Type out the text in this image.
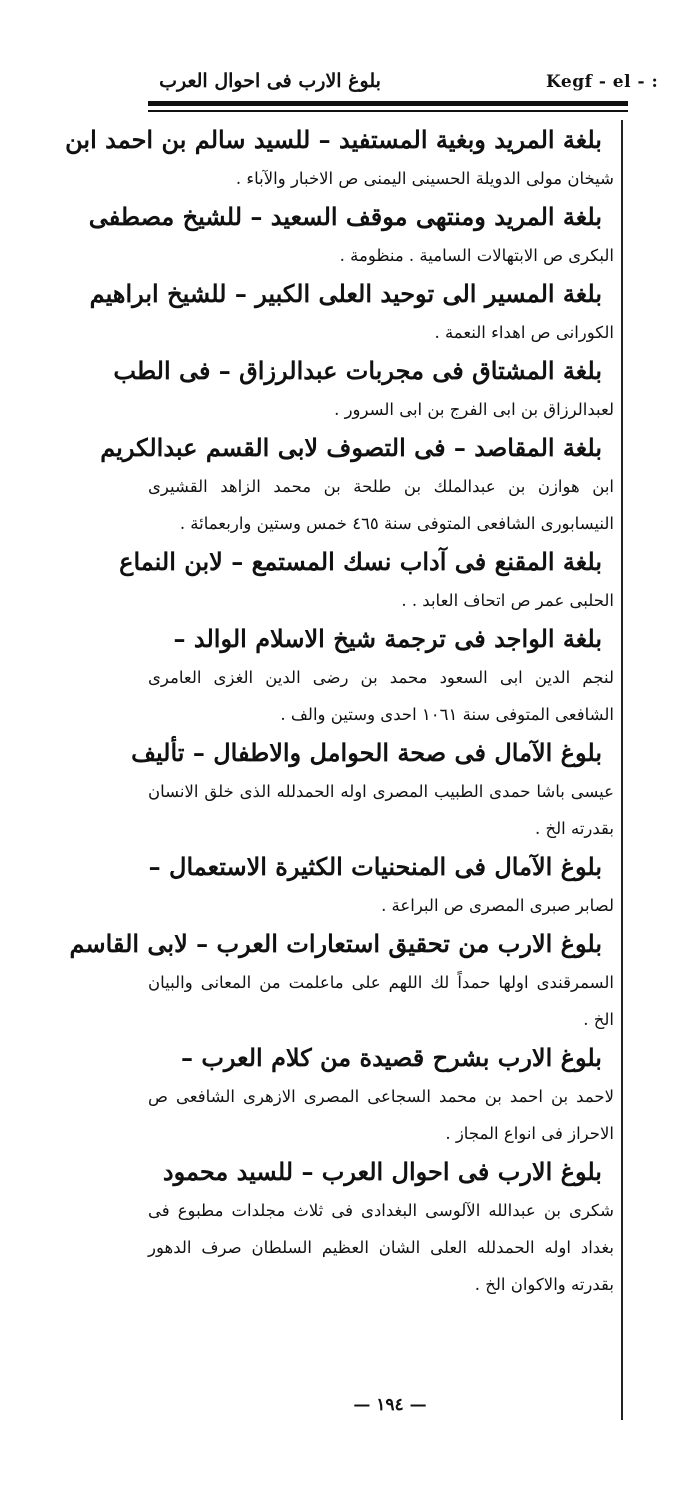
بلوغ الارب فى احوال العرب	Kegf - el - :
بلغة المريد وبغية المستفيد – للسيد سالم بن احمد ابن
شيخان مولى الدويلة الحسينى اليمنى ص الاخبار والآباء .
بلغة المريد ومنتهى موقف السعيد – للشيخ مصطفى
البكرى ص الابتهالات السامية . منظومة .
بلغة المسير الى توحيد العلى الكبير – للشيخ ابراهيم
الكورانى ص اهداء النعمة .
بلغة المشتاق فى مجربات عبدالرزاق – فى الطب
لعبدالرزاق بن ابى الفرج بن ابى السرور .
بلغة المقاصد – فى التصوف لابى القسم عبدالكريم
ابن هوازن بن عبدالملك بن طلحة بن محمد الزاهد القشيرى النيسابورى الشافعى المتوفى سنة ٤٦٥ خمس وستين واربعمائة .
بلغة المقنع فى آداب نسك المستمع – لابن النماع
الحلبى عمر ص اتحاف العابد . .
بلغة الواجد فى ترجمة شيخ الاسلام الوالد –
لنجم الدين ابى السعود محمد بن رضى الدين الغزى العامرى الشافعى المتوفى سنة ١٠٦١ احدى وستين والف .
بلوغ الآمال فى صحة الحوامل والاطفال – تأليف
عيسى باشا حمدى الطبيب المصرى اوله الحمدلله الذى خلق الانسان بقدرته الخ .
بلوغ الآمال فى المنحنيات الكثيرة الاستعمال –
لصابر صبرى المصرى ص البراعة .
بلوغ الارب من تحقيق استعارات العرب – لابى القاسم
السمرقندى اولها حمداً لك اللهم على ماعلمت من المعانى والبيان الخ .
بلوغ الارب بشرح قصيدة من كلام العرب –
لاحمد بن احمد بن محمد السجاعى المصرى الازهرى الشافعى ص الاحراز فى انواع المجاز .
بلوغ الارب فى احوال العرب – للسيد محمود
شكرى بن عبدالله الآلوسى البغدادى فى ثلاث مجلدات مطبوع فى بغداد اوله الحمدلله العلى الشان العظيم السلطان صرف الدهور بقدرته والاكوان الخ .
— ١٩٤ —
